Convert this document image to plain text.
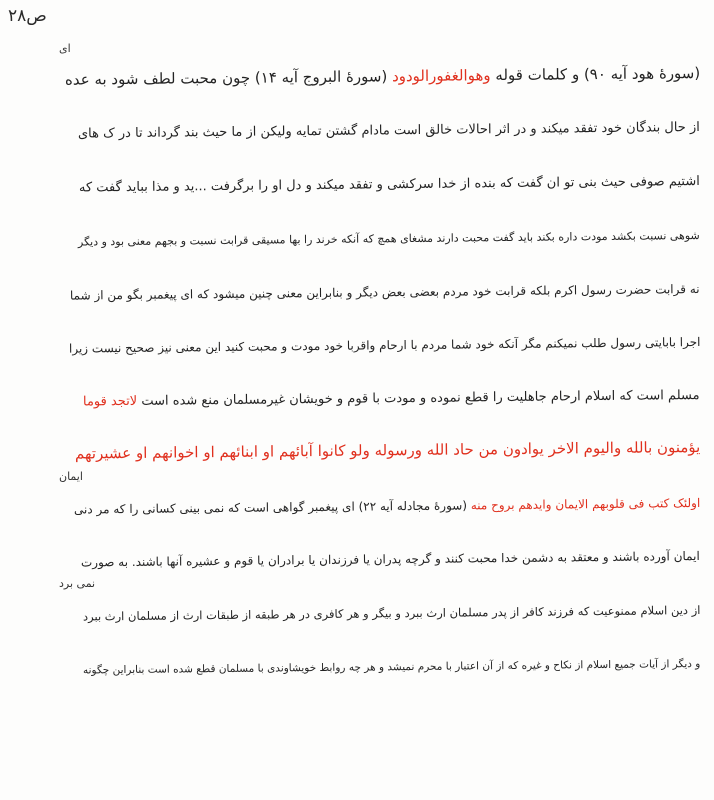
ص۲۸
(سورهٔ هود آیه ۹۰) و کلمات قوله وهوالغفورالودود (سورهٔ البروج آیه ۱۴) چون محبت لطف شود به عده
ای
از حال بندگان خود تفقد میکند و در اثر احالات خالق است مادام گشتن تمایه ولیکن از ما حیث بند گرداند تا در ک های
اشتیم صوفی حیث بنی تو ان گفت که بنده از خدا سرکشی و تفقد میکند و دل او را برگرفت ...ید و مذا بباید گفت که
شوهی نسبت بکشد مودت داره بکند باید گفت محبت دارند مشغای همچ که آنکه خرند را بها مسیقی قرابت نسبت و بجهم معنی بود و دیگر
نه قرابت حضرت رسول اکرم بلکه قرابت خود مردم بعضی بعض دیگر و بنابراین معنی چنین میشود که ای پیغمبر بگو من از شما
اجرا بابایتی رسول طلب نمیکنم مگر آنکه خود شما مردم با ارحام واقربا خود مودت و محبت کنید این معنی نیز صحیح نیست زیرا
مسلم است که اسلام ارحام جاهلیت را قطع نموده و مودت با قوم و خویشان غیرمسلمان منع شده است لاتجد قوما
یؤمنون بالله والیوم الاخر یوادون من حاد الله ورسوله ولو کانوا آبائهم او ابنائهم او اخوانهم او عشیرتهم
اولئک کتب فی قلوبهم الایمان وایدهم بروح منه (سورهٔ مجادله آیه ۲۲) ای پیغمبر گواهی است که نمی بینی کسانی را که مر دنی
ایمان
ایمان آورده باشند و معتقد به دشمن خدا محبت کنند و گرچه پدران یا فرزندان یا برادران یا قوم و عشیره آنها باشند. به صورت
از دین اسلام ممنوعیت که فرزند کافر از پدر مسلمان ارث ببرد و بیگر و هر کافری در هر طبقه از طبقات ارث از مسلمان ارث ببرد
نمی برد
و دیگر از آیات جمیع اسلام از نکاح و غیره که از آن اعتبار با محرم نمیشد و هر چه روابط خویشاوندی با مسلمان قطع شده است بنابراین چگونه
